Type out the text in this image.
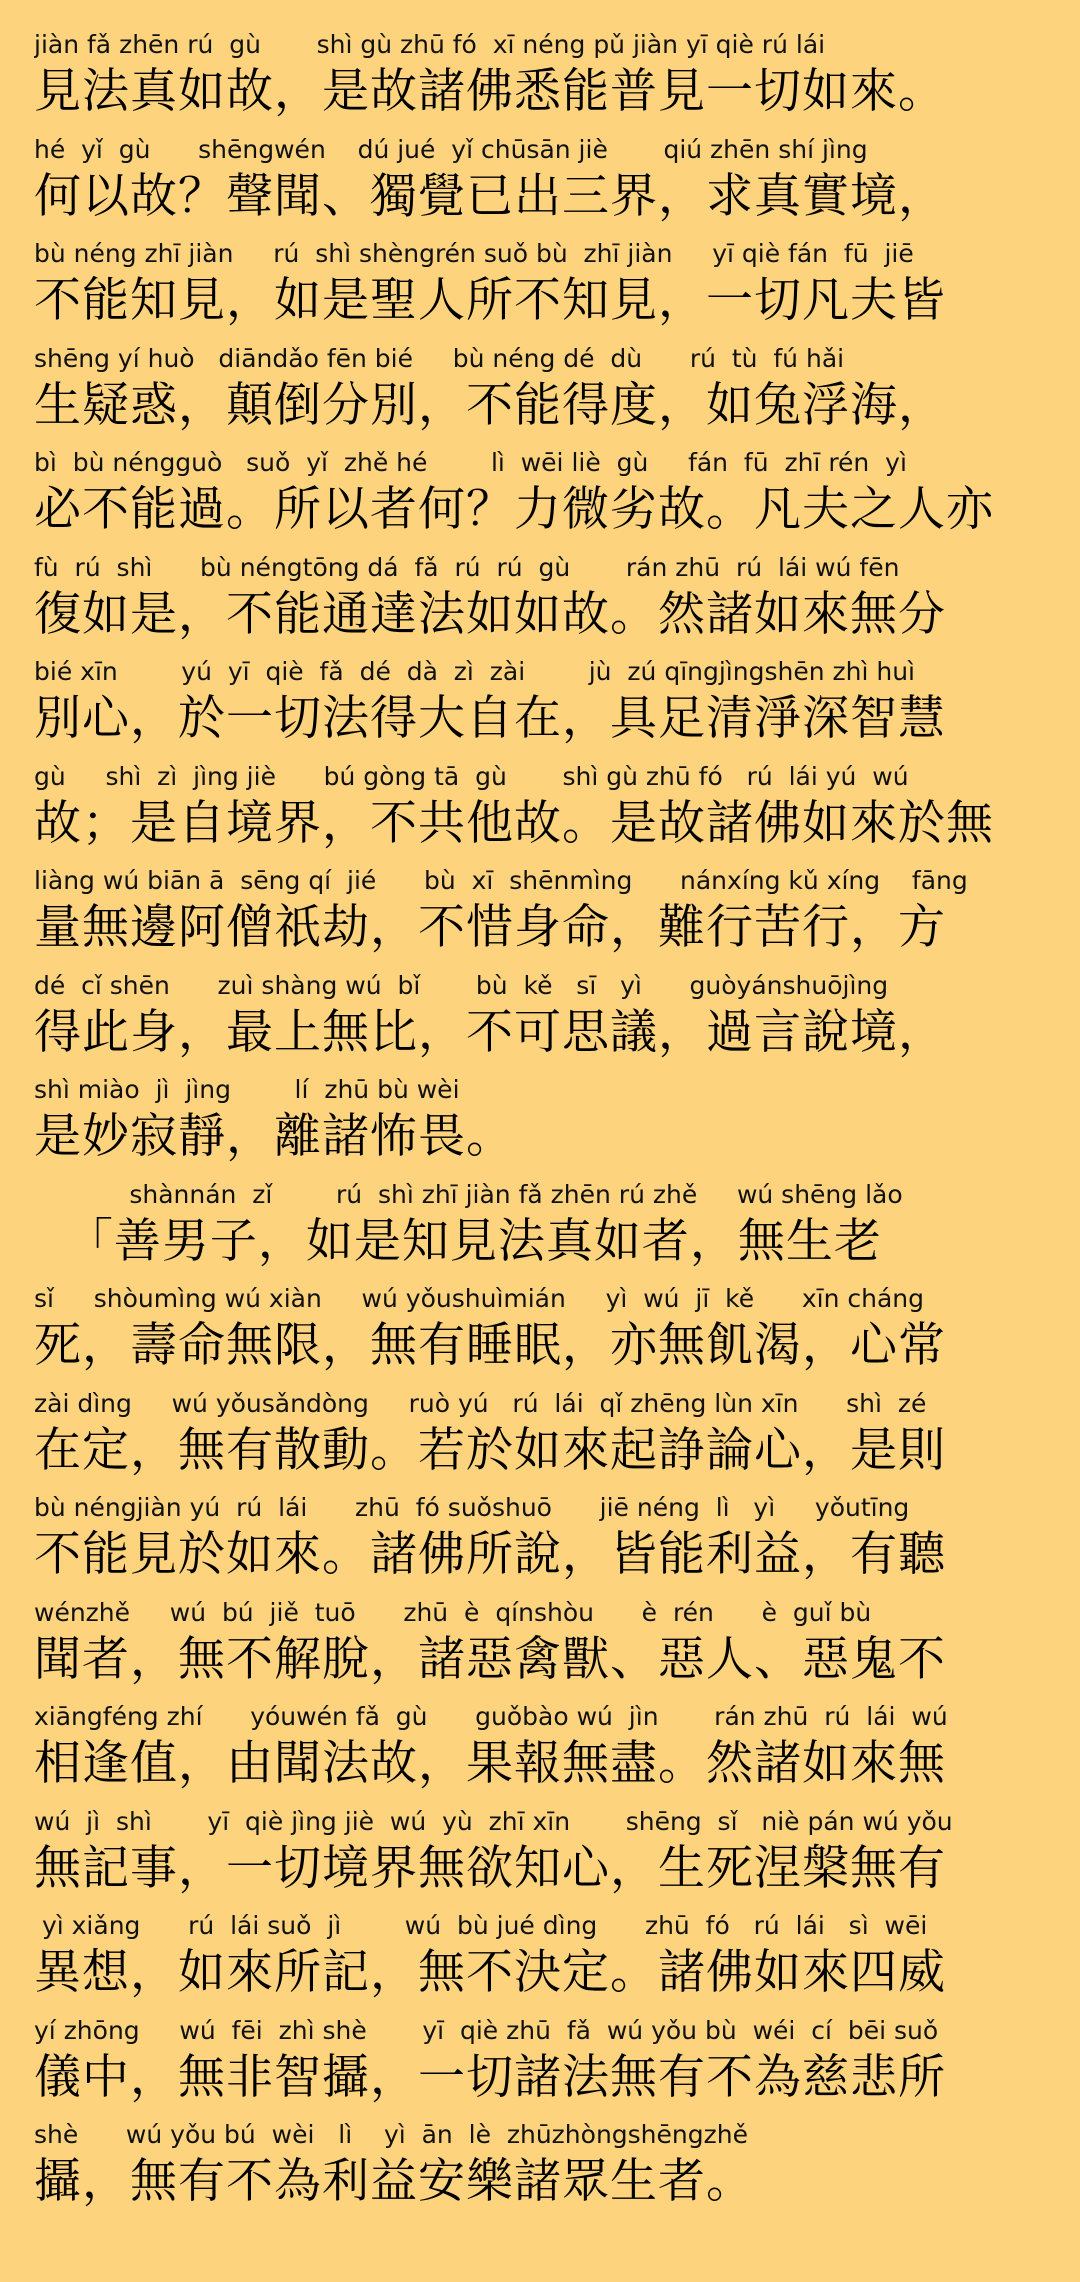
jiàn fǎ zhēn rú  gù       shì gù zhū fó  xī néng pǔ jiàn yī qiè rú lái
見法真如故，是故諸佛悉能普見一切如來。
hé  yǐ  gù      shēngwén    dú jué  yǐ chūsān jiè       qiú zhēn shí jìng
何以故？聲聞、獨覺已出三界，求真實境，
bù néng zhī jiàn     rú  shì shèngrén suǒ bù  zhī jiàn     yī qiè fán  fū  jiē
不能知見，如是聖人所不知見，一切凡夫皆
shēng yí huò   diāndǎo fēn bié     bù néng dé  dù      rú  tù  fú hǎi
生疑惑，顛倒分別，不能得度，如兔浮海，
bì  bù néngguò   suǒ  yǐ  zhě hé        lì  wēi liè  gù     fán  fū  zhī rén  yì
必不能過。所以者何？力微劣故。凡夫之人亦
fù  rú  shì      bù néngtōng dá  fǎ  rú  rú  gù       rán zhū  rú  lái wú fēn
復如是，不能通達法如如故。然諸如來無分
bié xīn        yú  yī  qiè  fǎ  dé  dà  zì  zài        jù  zú qīngjìngshēn zhì huì
別心，於一切法得大自在，具足清淨深智慧
gù     shì  zì  jìng jiè      bú gòng tā  gù       shì gù zhū fó   rú  lái yú  wú
故；是自境界，不共他故。是故諸佛如來於無
liàng wú biān ā  sēng qí  jié      bù  xī  shēnmìng      nánxíng kǔ xíng    fāng
量無邊阿僧祇劫，不惜身命，難行苦行，方
dé  cǐ shēn      zuì shàng wú  bǐ       bù  kě   sī   yì      guòyánshuōjìng
得此身，最上無比，不可思議，過言說境，
shì miào  jì  jìng        lí  zhū bù wèi
是妙寂靜，離諸怖畏。
shànnán  zǐ        rú  shì zhī jiàn fǎ zhēn rú zhě     wú shēng lǎo
「善男子，如是知見法真如者，無生老
sǐ     shòumìng wú xiàn     wú yǒushuìmián     yì  wú  jī  kě      xīn cháng
死，壽命無限，無有睡眠，亦無飢渴，心常
zài dìng     wú yǒusǎndòng     ruò yú   rú  lái  qǐ zhēng lùn xīn      shì  zé
在定，無有散動。若於如來起諍論心，是則
bù néngjiàn yú  rú  lái      zhū  fó suǒshuō      jiē néng  lì   yì     yǒutīng
不能見於如來。諸佛所說，皆能利益，有聽
wénzhě     wú  bú  jiě  tuō      zhū  è  qínshòu      è  rén      è  guǐ bù
聞者，無不解脫，諸惡禽獸、惡人、惡鬼不
xiāngféng zhí      yóuwén fǎ  gù      guǒbào wú  jìn       rán zhū  rú  lái  wú
相逢值，由聞法故，果報無盡。然諸如來無
wú  jì  shì       yī  qiè jìng jiè  wú  yù  zhī xīn       shēng  sǐ   niè pán wú yǒu
無記事，一切境界無欲知心，生死涅槃無有
yì xiǎng      rú  lái suǒ  jì        wú  bù jué dìng      zhū  fó   rú  lái   sì  wēi
異想，如來所記，無不決定。諸佛如來四威
yí zhōng     wú  fēi  zhì shè       yī  qiè zhū  fǎ  wú yǒu bù  wéi  cí  bēi suǒ
儀中，無非智攝，一切諸法無有不為慈悲所
shè      wú yǒu bú  wèi   lì    yì  ān  lè  zhūzhòngshēngzhě
攝，無有不為利益安樂諸眾生者。
